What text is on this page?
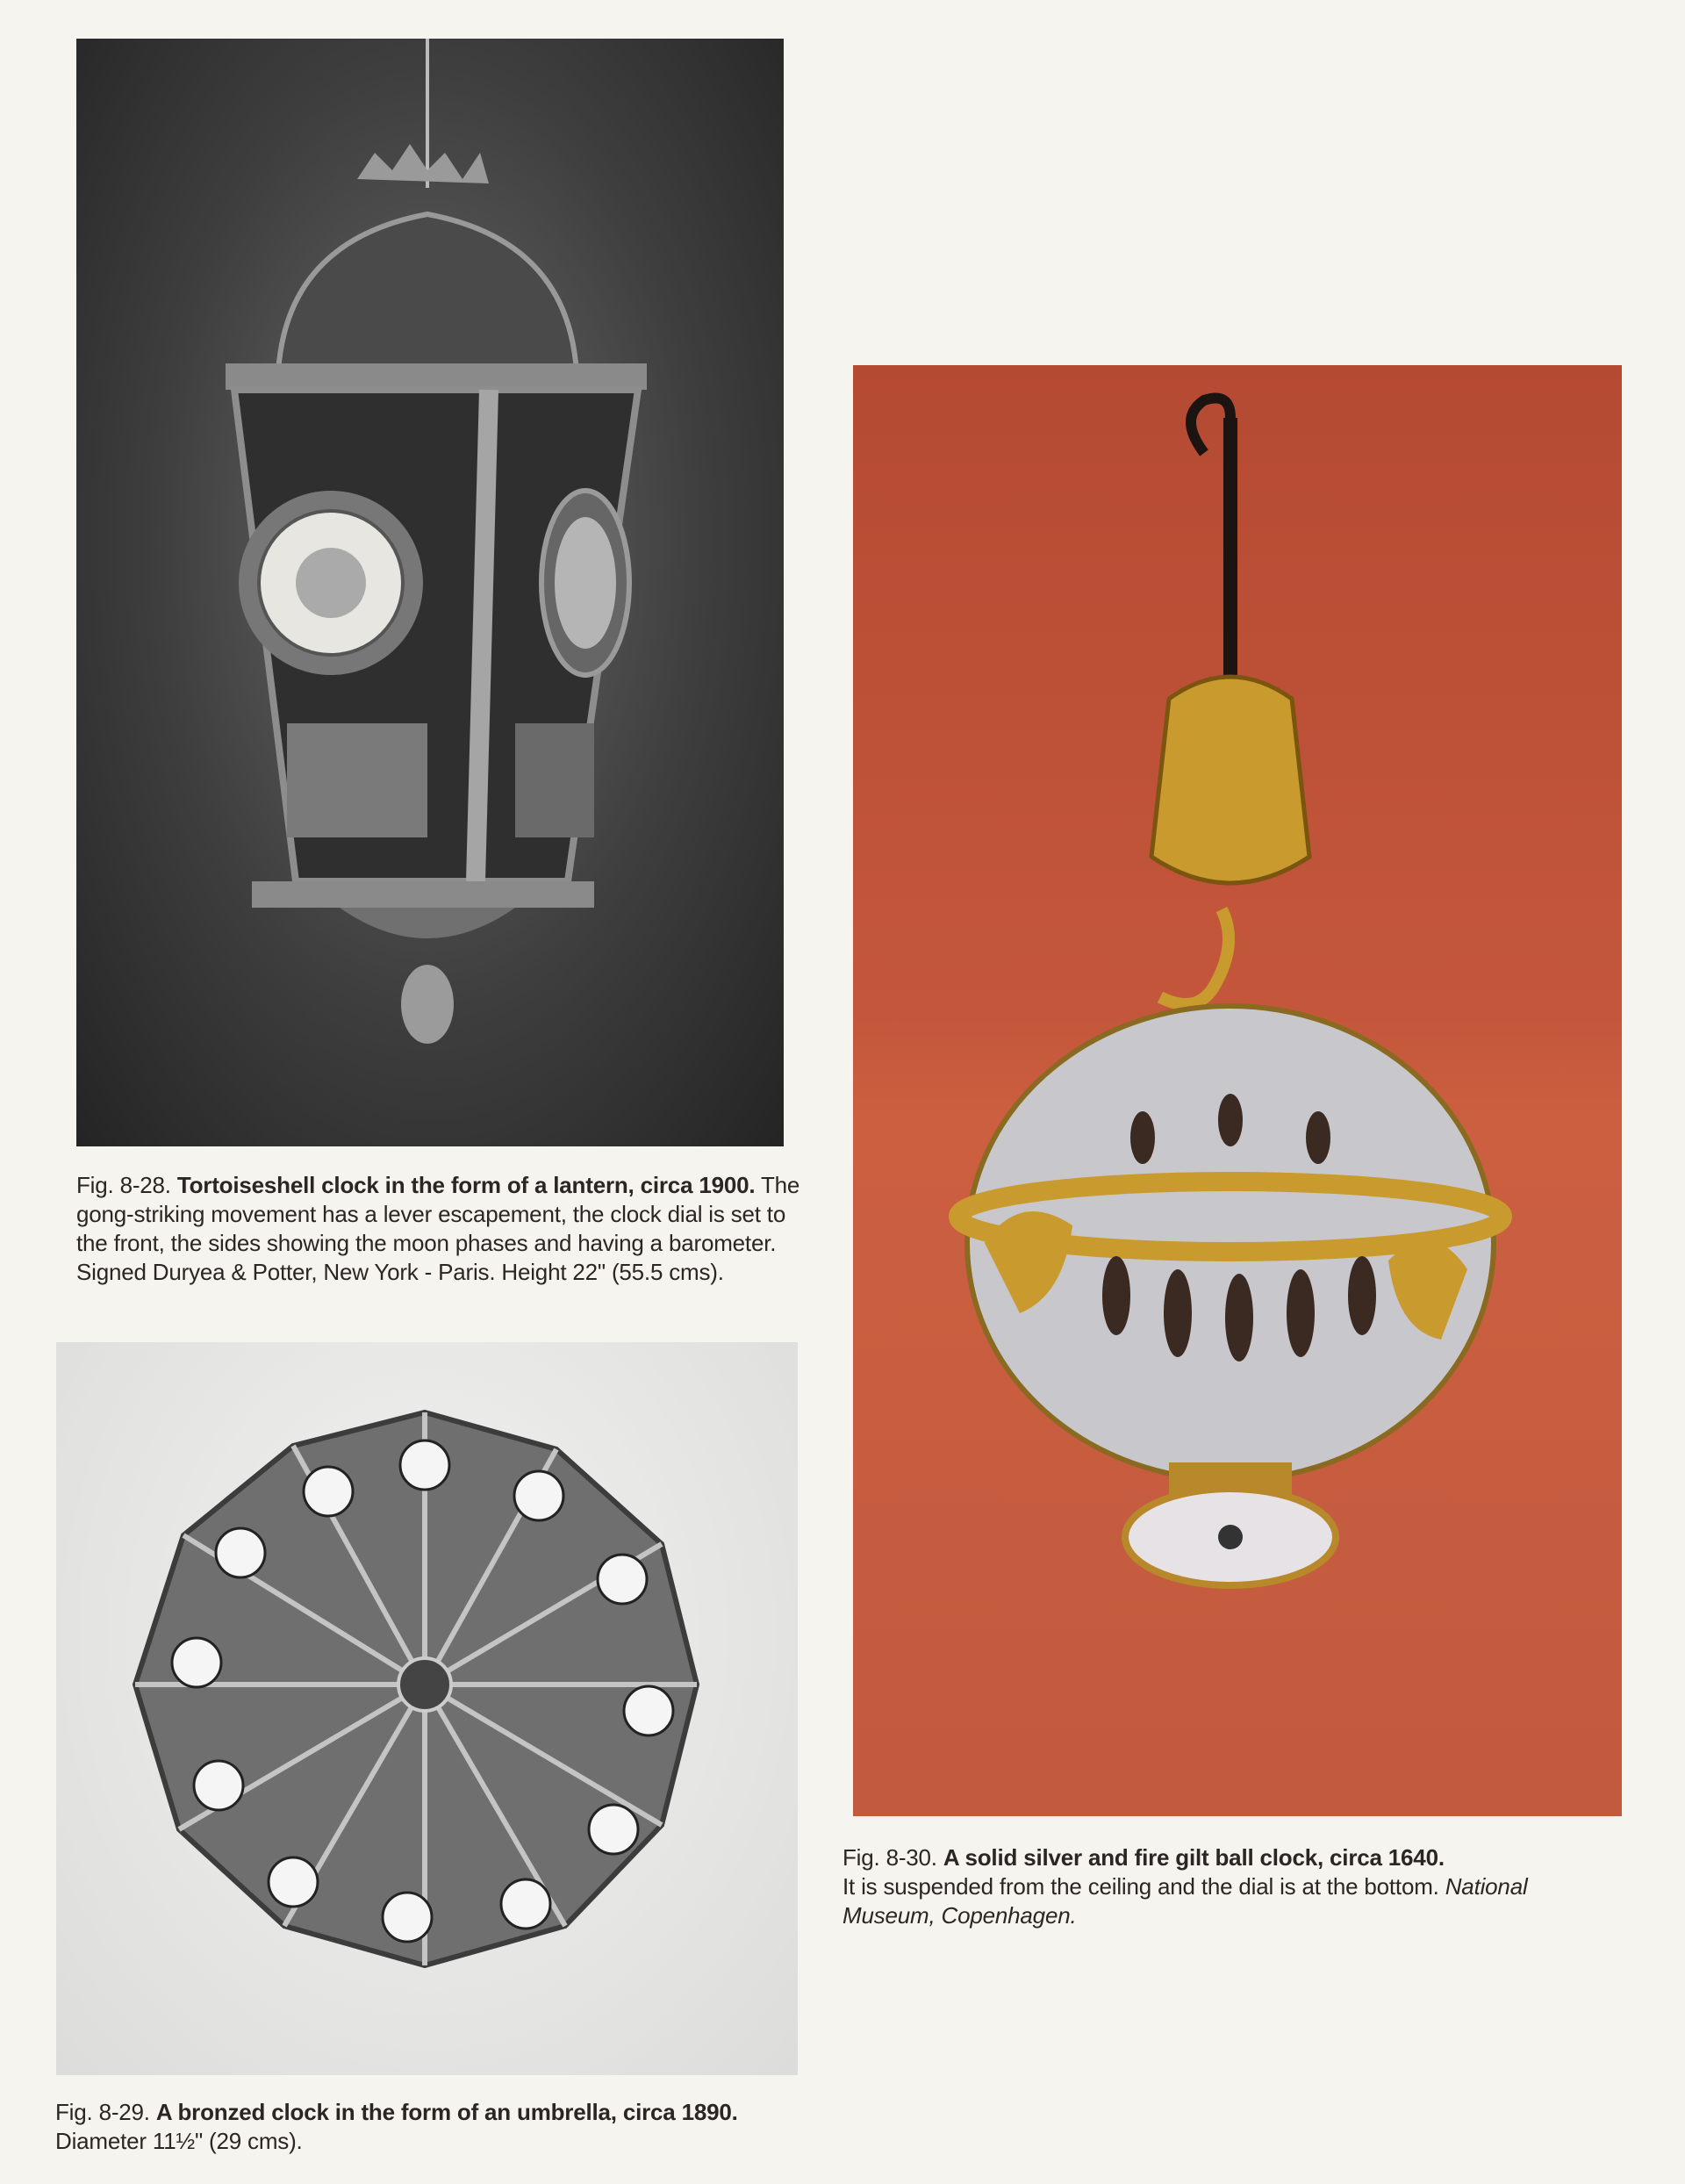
Fig. 8-28. Tortoiseshell clock in the form of a lantern, circa 1900. The gong-striking movement has a lever escapement, the clock dial is set to the front, the sides showing the moon phases and having a barometer. Signed Duryea & Potter, New York - Paris. Height 22" (55.5 cms).
Fig. 8-29. A bronzed clock in the form of an umbrella, circa 1890.
Diameter 11½" (29 cms).
Fig. 8-30. A solid silver and fire gilt ball clock, circa 1640.
It is suspended from the ceiling and the dial is at the bottom. National Museum, Copenhagen.
